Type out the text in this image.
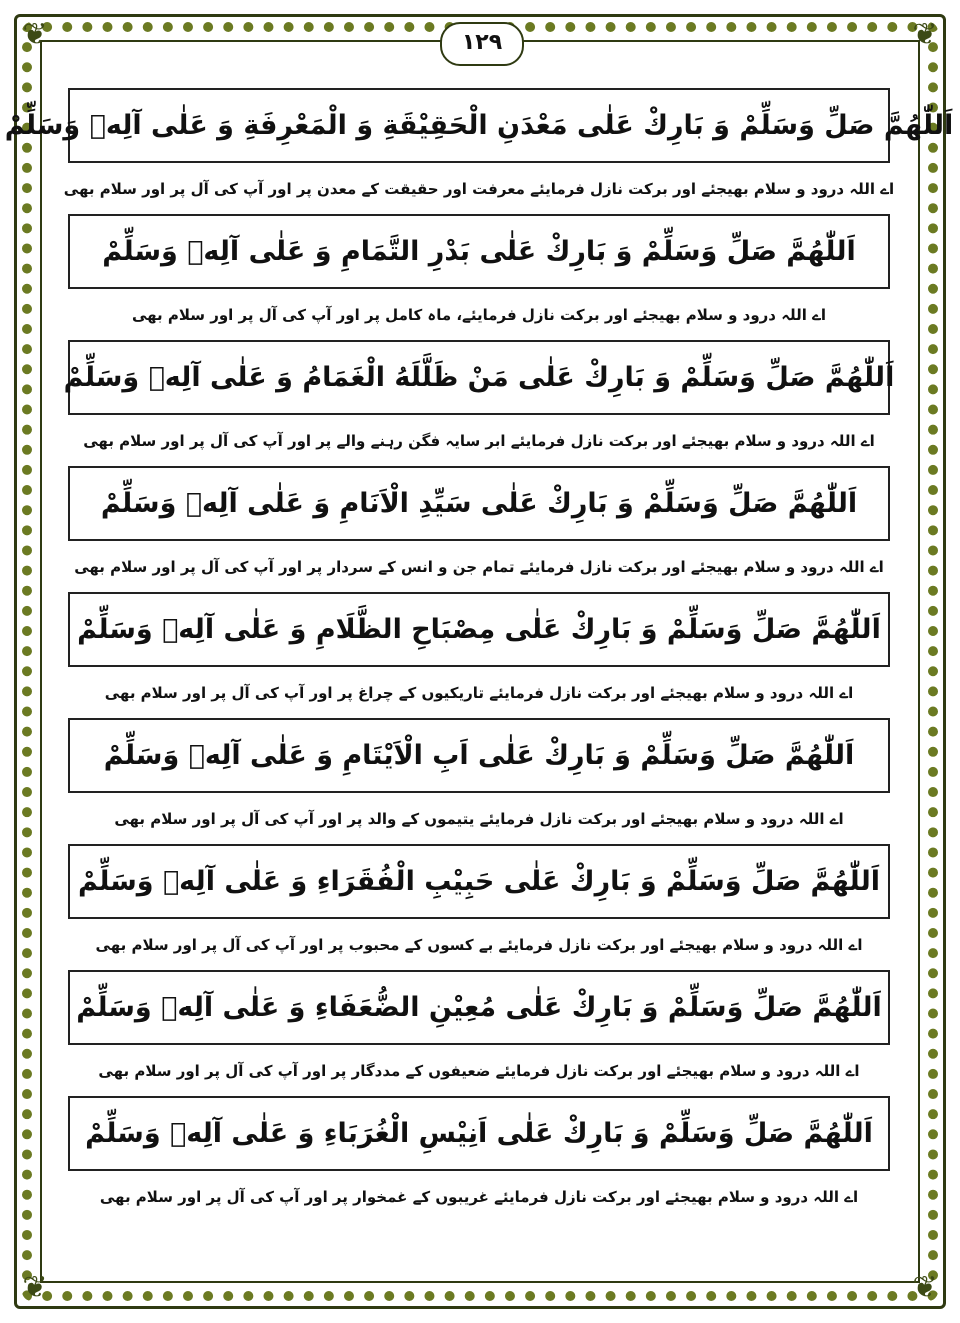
❦	❦
❦	❦
١٢٩
اَللّٰهُمَّ صَلِّ وَسَلِّمْ وَ بَارِكْ عَلٰى مَعْدَنِ الْحَقِيْقَةِ وَ الْمَعْرِفَةِ وَ عَلٰى آلِهٖ وَسَلِّمْ
اے اللہ درود و سلام بھیجئے اور برکت نازل فرمایئے معرفت اور حقیقت کے معدن پر اور آپ کی آل پر اور سلام بھی
اَللّٰهُمَّ صَلِّ وَسَلِّمْ وَ بَارِكْ عَلٰى بَدْرِ التَّمَامِ وَ عَلٰى آلِهٖ وَسَلِّمْ
اے اللہ درود و سلام بھیجئے اور برکت نازل فرمایئے، ماہ کامل پر اور آپ کی آل پر اور سلام بھی
اَللّٰهُمَّ صَلِّ وَسَلِّمْ وَ بَارِكْ عَلٰى مَنْ ظَلَّلَهُ الْغَمَامُ وَ عَلٰى آلِهٖ وَسَلِّمْ
اے اللہ درود و سلام بھیجئے اور برکت نازل فرمایئے ابر سایہ فگن رہنے والے پر اور آپ کی آل پر اور سلام بھی
اَللّٰهُمَّ صَلِّ وَسَلِّمْ وَ بَارِكْ عَلٰى سَيِّدِ الْاَنَامِ وَ عَلٰى آلِهٖ وَسَلِّمْ
اے اللہ درود و سلام بھیجئے اور برکت نازل فرمایئے تمام جن و انس کے سردار پر اور آپ کی آل پر اور سلام بھی
اَللّٰهُمَّ صَلِّ وَسَلِّمْ وَ بَارِكْ عَلٰى مِصْبَاحِ الظَّلَامِ وَ عَلٰى آلِهٖ وَسَلِّمْ
اے اللہ درود و سلام بھیجئے اور برکت نازل فرمایئے تاریکیوں کے چراغ پر اور آپ کی آل پر اور سلام بھی
اَللّٰهُمَّ صَلِّ وَسَلِّمْ وَ بَارِكْ عَلٰى اَبِ الْاَيْتَامِ وَ عَلٰى آلِهٖ وَسَلِّمْ
اے اللہ درود و سلام بھیجئے اور برکت نازل فرمایئے یتیموں کے والد پر اور آپ کی آل پر اور سلام بھی
اَللّٰهُمَّ صَلِّ وَسَلِّمْ وَ بَارِكْ عَلٰى حَبِيْبِ الْفُقَرَاءِ وَ عَلٰى آلِهٖ وَسَلِّمْ
اے اللہ درود و سلام بھیجئے اور برکت نازل فرمایئے بے کسوں کے محبوب پر اور آپ کی آل پر اور سلام بھی
اَللّٰهُمَّ صَلِّ وَسَلِّمْ وَ بَارِكْ عَلٰى مُعِيْنِ الضُّعَفَاءِ وَ عَلٰى آلِهٖ وَسَلِّمْ
اے اللہ درود و سلام بھیجئے اور برکت نازل فرمایئے ضعیفوں کے مددگار پر اور آپ کی آل پر اور سلام بھی
اَللّٰهُمَّ صَلِّ وَسَلِّمْ وَ بَارِكْ عَلٰى اَنِيْسِ الْغُرَبَاءِ وَ عَلٰى آلِهٖ وَسَلِّمْ
اے اللہ درود و سلام بھیجئے اور برکت نازل فرمایئے غریبوں کے غمخوار پر اور آپ کی آل پر اور سلام بھی
